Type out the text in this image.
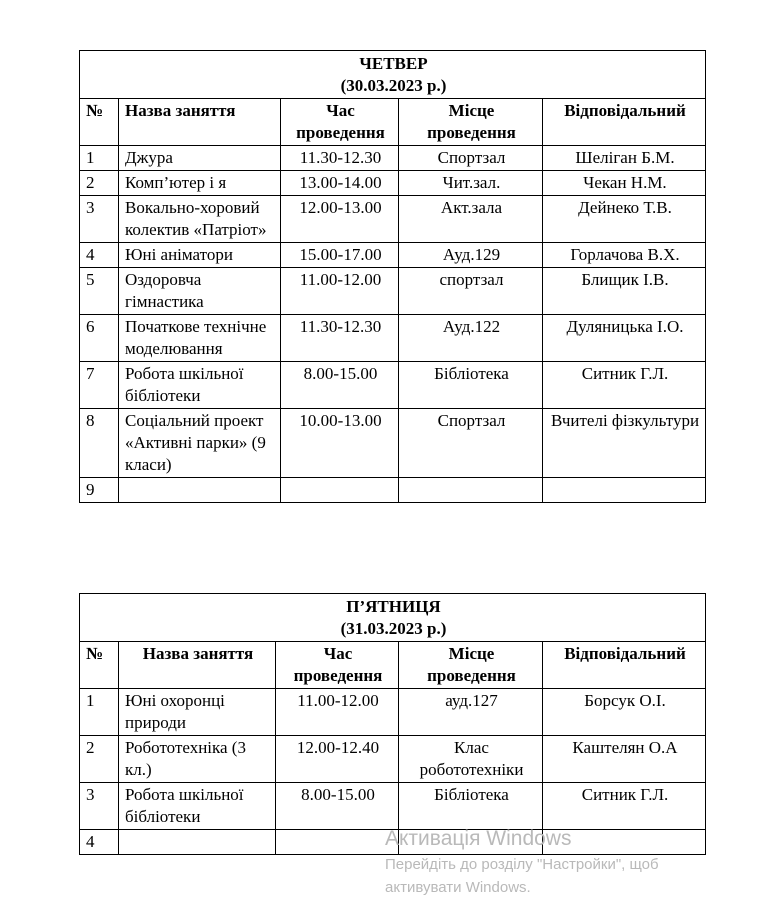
ЧЕТВЕР
(30.03.2023 р.)				

№	Назва заняття	Час проведення	Місце проведення	Відповідальний
1	Джура	11.30-12.30	Спортзал	Шеліган Б.М.
2	Комп’ютер і я	13.00-14.00	Чит.зал.	Чекан Н.М.
3	Вокально-хоровий колектив «Патріот»	12.00-13.00	Акт.зала	Дейнеко Т.В.
4	Юні аніматори	15.00-17.00	Ауд.129	Горлачова В.Х.
5	Оздоровча гімнастика	11.00-12.00	спортзал	Блищик І.В.
6	Початкове технічне моделювання	11.30-12.30	Ауд.122	Дуляницька І.О.
7	Робота шкільної бібліотеки	8.00-15.00	Бібліотека	Ситник Г.Л.
8	Соціальний проект «Активні парки» (9 класи)	10.00-13.00	Спортзал	Вчителі фізкультури
9				
П’ЯТНИЦЯ
(31.03.2023 р.)				

№	Назва заняття	Час проведення	Місце проведення	Відповідальний
1	Юні охоронці природи	11.00-12.00	ауд.127	Борсук О.І.
2	Робототехніка (3 кл.)	12.00-12.40	Клас робототехніки	Каштелян О.А
3	Робота шкільної бібліотеки	8.00-15.00	Бібліотека	Ситник Г.Л.
4					Активація Windows
Перейдіть до розділу "Настройки", щоб
активувати Windows.
